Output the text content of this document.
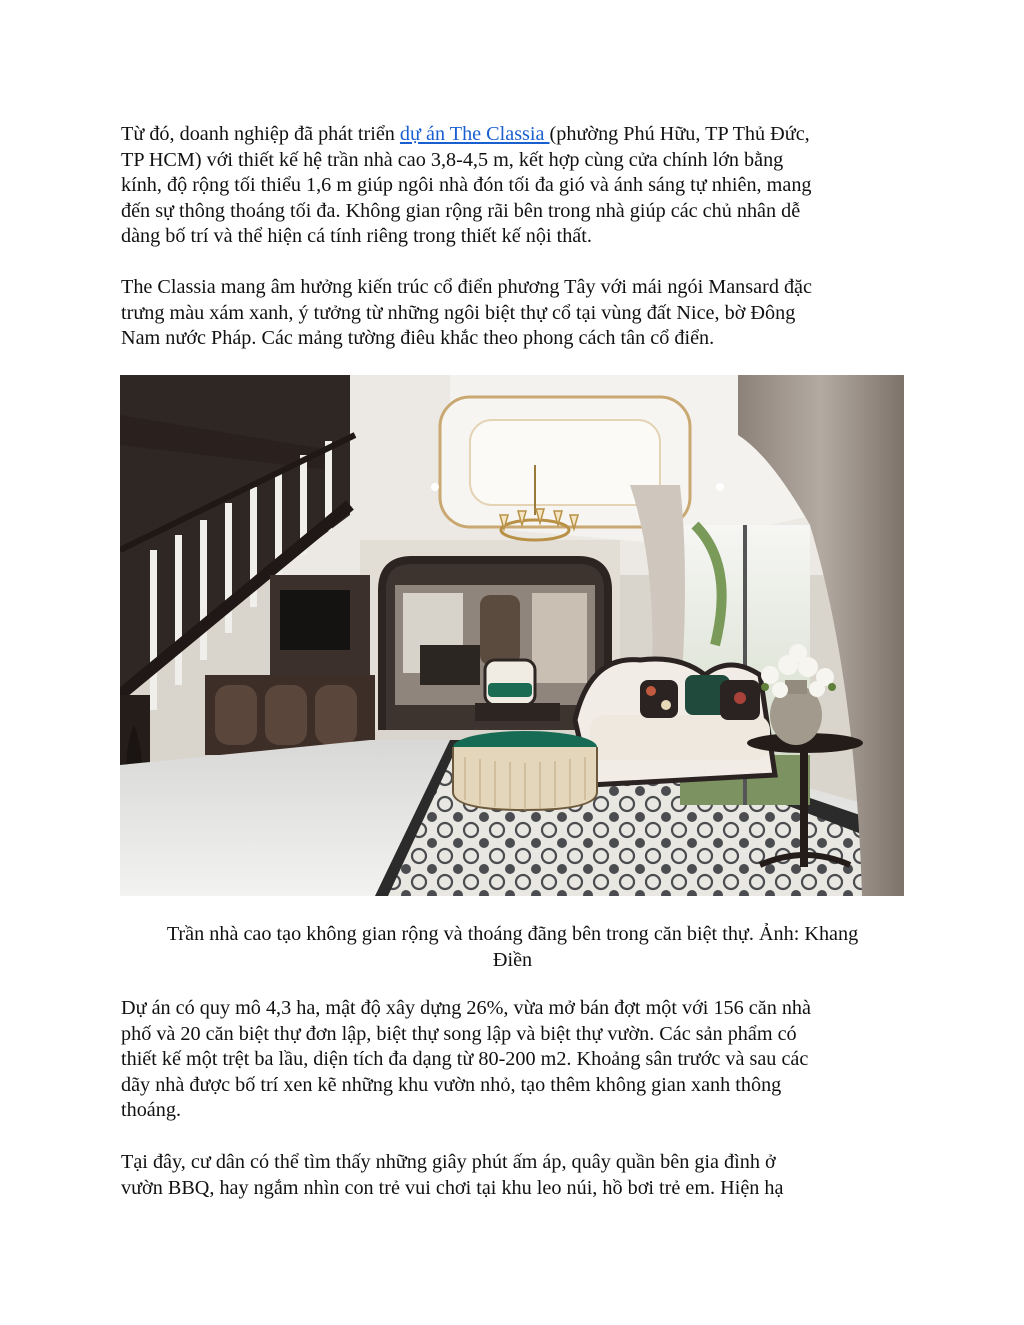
Từ đó, doanh nghiệp đã phát triển dự án The Classia (phường Phú Hữu, TP Thủ Đức,
TP HCM) với thiết kế hệ trần nhà cao 3,8-4,5 m, kết hợp cùng cửa chính lớn bằng
kính, độ rộng tối thiểu 1,6 m giúp ngôi nhà đón tối đa gió và ánh sáng tự nhiên, mang
đến sự thông thoáng tối đa. Không gian rộng rãi bên trong nhà giúp các chủ nhân dễ
dàng bố trí và thể hiện cá tính riêng trong thiết kế nội thất.

The Classia mang âm hưởng kiến trúc cổ điển phương Tây với mái ngói Mansard đặc
trưng màu xám xanh, ý tưởng từ những ngôi biệt thự cổ tại vùng đất Nice, bờ Đông
Nam nước Pháp. Các mảng tường điêu khắc theo phong cách tân cổ điển.

Trần nhà cao tạo không gian rộng và thoáng đãng bên trong căn biệt thự. Ảnh: Khang
Điền

Dự án có quy mô 4,3 ha, mật độ xây dựng 26%, vừa mở bán đợt một với 156 căn nhà
phố và 20 căn biệt thự đơn lập, biệt thự song lập và biệt thự vườn. Các sản phẩm có
thiết kế một trệt ba lầu, diện tích đa dạng từ 80-200 m2. Khoảng sân trước và sau các
dãy nhà được bố trí xen kẽ những khu vườn nhỏ, tạo thêm không gian xanh thông
thoáng.

Tại đây, cư dân có thể tìm thấy những giây phút ấm áp, quây quần bên gia đình ở
vườn BBQ, hay ngắm nhìn con trẻ vui chơi tại khu leo núi, hồ bơi trẻ em. Hiện hạ
